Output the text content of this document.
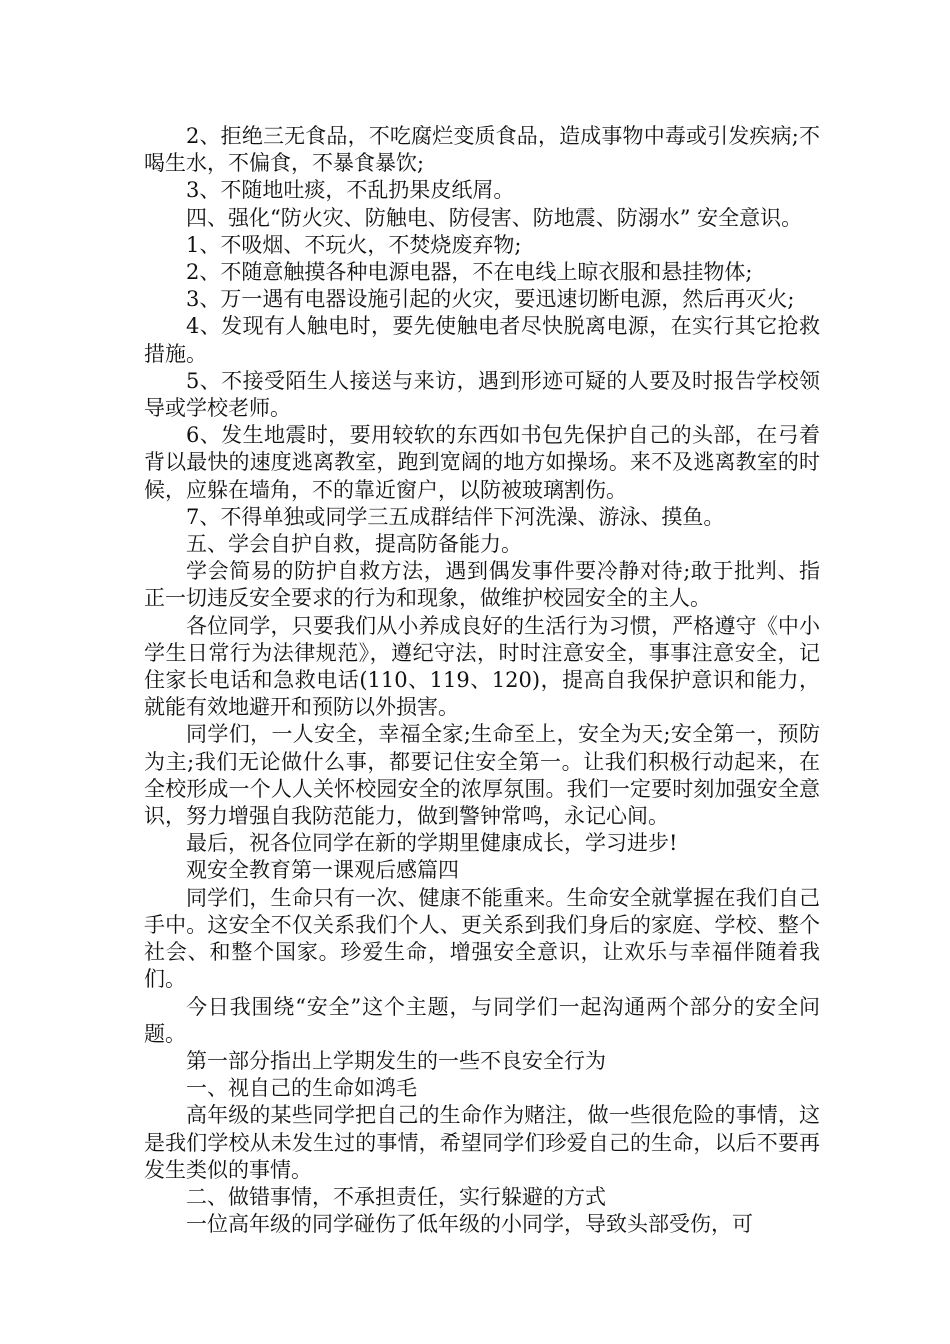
2、拒绝三无食品，不吃腐烂变质食品，造成事物中毒或引发疾病;不喝生水，不偏食，不暴食暴饮;

3、不随地吐痰，不乱扔果皮纸屑。

四、强化“防火灾、防触电、防侵害、防地震、防溺水” 安全意识。

1、不吸烟、不玩火，不焚烧废弃物;

2、不随意触摸各种电源电器，不在电线上晾衣服和悬挂物体;

3、万一遇有电器设施引起的火灾，要迅速切断电源，然后再灭火;

4、发现有人触电时，要先使触电者尽快脱离电源，在实行其它抢救措施。

5、不接受陌生人接送与来访，遇到形迹可疑的人要及时报告学校领导或学校老师。

6、发生地震时，要用较软的东西如书包先保护自己的头部，在弓着背以最快的速度逃离教室，跑到宽阔的地方如操场。来不及逃离教室的时候，应躲在墙角，不的靠近窗户，以防被玻璃割伤。

7、不得单独或同学三五成群结伴下河洗澡、游泳、摸鱼。

五、学会自护自救，提高防备能力。

学会简易的防护自救方法，遇到偶发事件要冷静对待;敢于批判、指正一切违反安全要求的行为和现象，做维护校园安全的主人。

各位同学，只要我们从小养成良好的生活行为习惯，严格遵守《中小学生日常行为法律规范》，遵纪守法，时时注意安全，事事注意安全，记住家长电话和急救电话(110、119、120)，提高自我保护意识和能力，就能有效地避开和预防以外损害。

同学们，一人安全，幸福全家;生命至上，安全为天;安全第一，预防为主;我们无论做什么事，都要记住安全第一。让我们积极行动起来，在全校形成一个人人关怀校园安全的浓厚氛围。我们一定要时刻加强安全意识，努力增强自我防范能力，做到警钟常鸣，永记心间。

最后，祝各位同学在新的学期里健康成长，学习进步!

观安全教育第一课观后感篇四

同学们，生命只有一次、健康不能重来。生命安全就掌握在我们自己手中。这安全不仅关系我们个人、更关系到我们身后的家庭、学校、整个社会、和整个国家。珍爱生命，增强安全意识，让欢乐与幸福伴随着我们。

今日我围绕“安全”这个主题，与同学们一起沟通两个部分的安全问题。

第一部分指出上学期发生的一些不良安全行为

一、视自己的生命如鸿毛

高年级的某些同学把自己的生命作为赌注，做一些很危险的事情，这是我们学校从未发生过的事情，希望同学们珍爱自己的生命，以后不要再发生类似的事情。

二、做错事情，不承担责任，实行躲避的方式

一位高年级的同学碰伤了低年级的小同学，导致头部受伤，可
